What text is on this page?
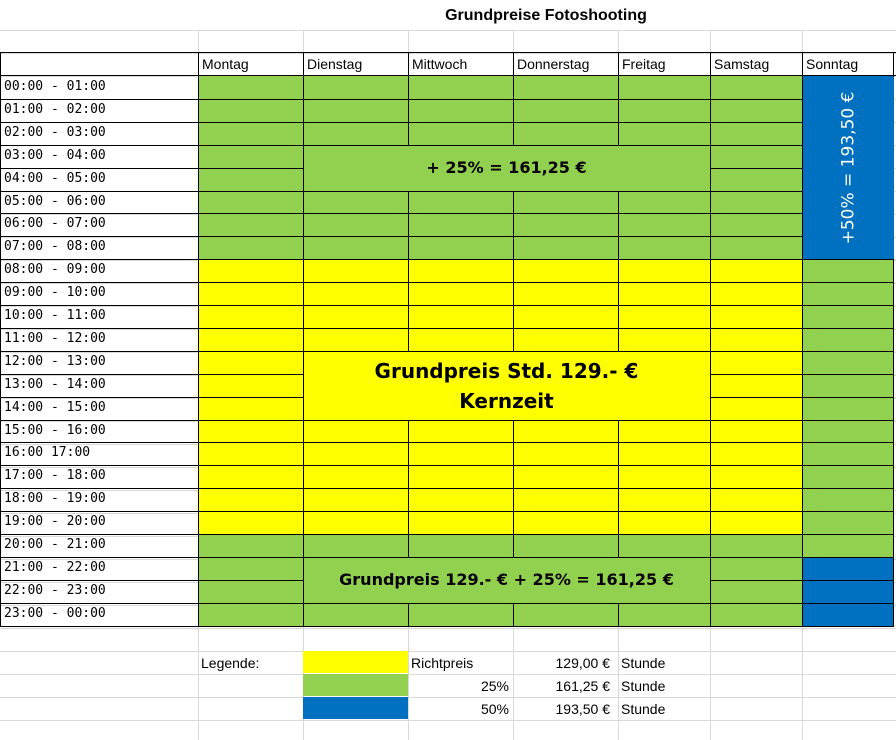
+ 25% = 161,25 €
Grundpreis Std. 129.- €
Kernzeit
Grundpreis 129.- € + 25% = 161,25 €
+50% = 193,50 €
Grundpreise Fotoshooting
Montag	Dienstag	Mittwoch	Donnerstag	Freitag	Samstag	Sonntag
00:00 - 01:00
01:00 - 02:00
02:00 - 03:00
03:00 - 04:00
04:00 - 05:00
05:00 - 06:00
06:00 - 07:00
07:00 - 08:00
08:00 - 09:00
09:00 - 10:00
10:00 - 11:00
11:00 - 12:00
12:00 - 13:00
13:00 - 14:00
14:00 - 15:00
15:00 - 16:00
16:00 17:00
17:00 - 18:00
18:00 - 19:00
19:00 - 20:00
20:00 - 21:00
21:00 - 22:00
22:00 - 23:00
23:00 - 00:00
Legende:	Richtpreis	129,00 € Stunde
25%	161,25 € Stunde
50%	193,50 € Stunde
